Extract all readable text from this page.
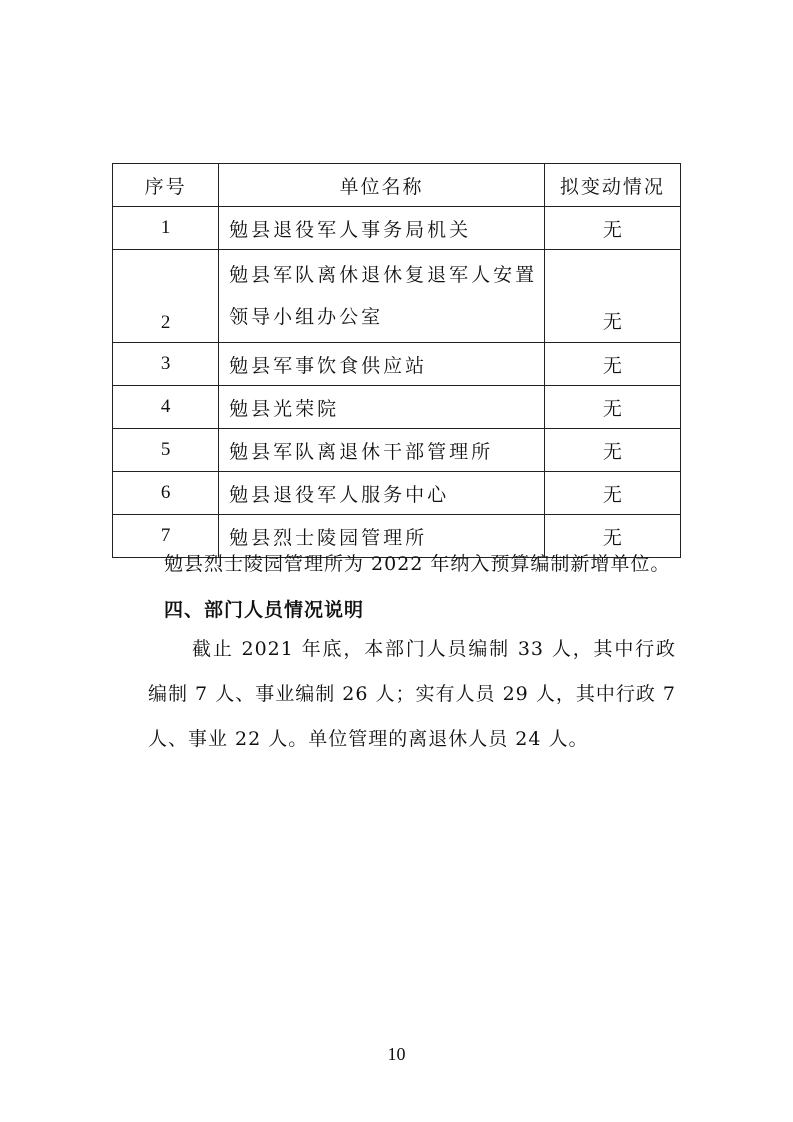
序号	单位名称	拟变动情况
1	勉县退役军人事务局机关	无
2	勉县军队离休退休复退军人安置领导小组办公室	无
3	勉县军事饮食供应站	无
4	勉县光荣院	无
5	勉县军队离退休干部管理所	无
6	勉县退役军人服务中心	无
7	勉县烈士陵园管理所	无
勉县烈士陵园管理所为 2022 年纳入预算编制新增单位。
四、部门人员情况说明
截止 2021 年底，本部门人员编制 33 人，其中行政编制 7 人、事业编制 26 人；实有人员 29 人，其中行政 7 人、事业 22 人。单位管理的离退休人员 24 人。
10
